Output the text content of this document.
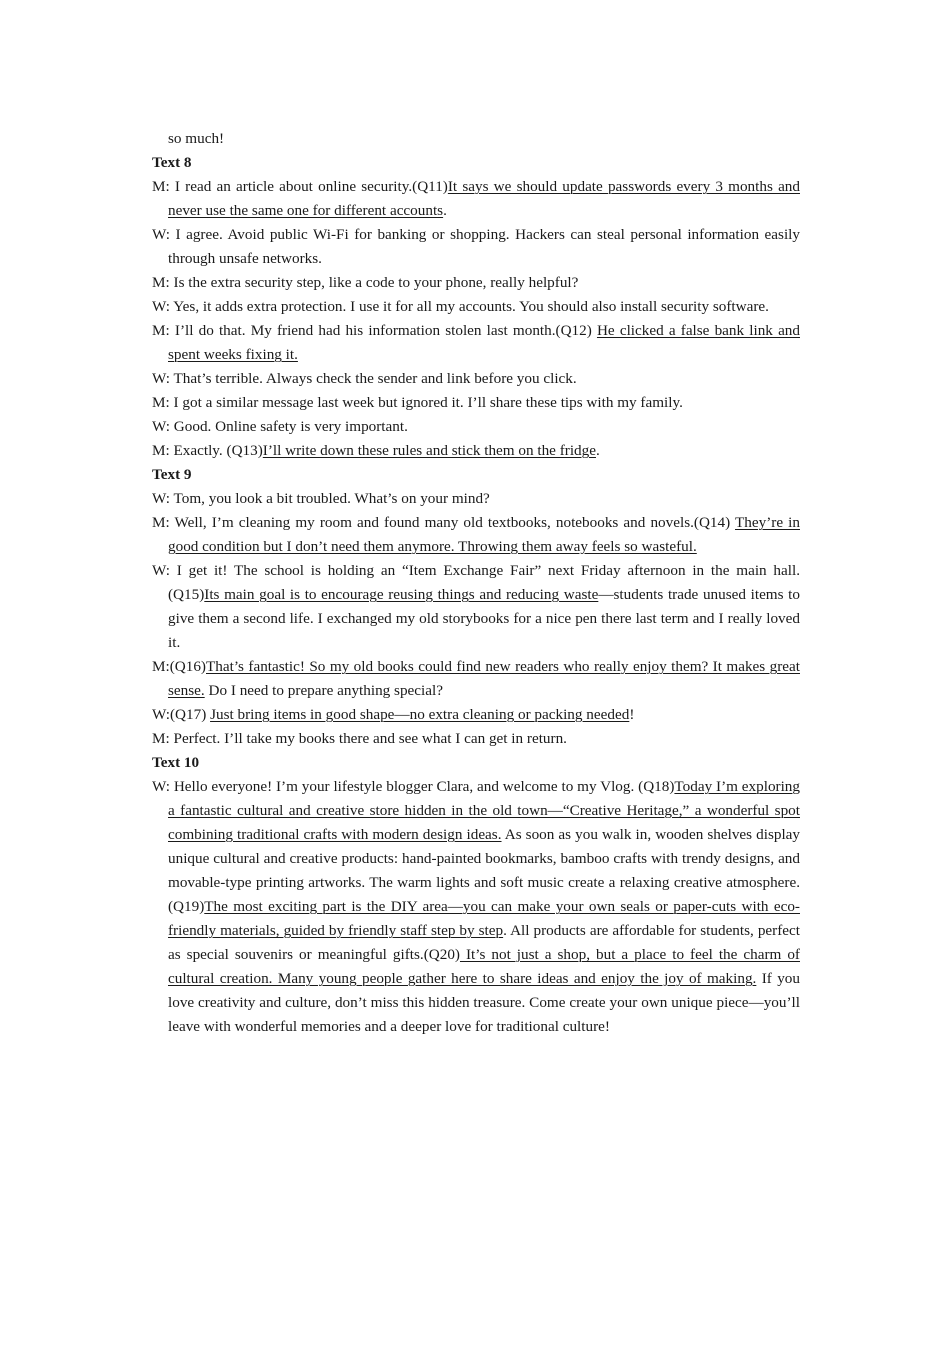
so much!
Text 8
M: I read an article about online security.(Q11)It says we should update passwords every 3 months and never use the same one for different accounts.
W: I agree. Avoid public Wi-Fi for banking or shopping. Hackers can steal personal information easily through unsafe networks.
M: Is the extra security step, like a code to your phone, really helpful?
W: Yes, it adds extra protection. I use it for all my accounts. You should also install security software.
M: I’ll do that. My friend had his information stolen last month.(Q12) He clicked a false bank link and spent weeks fixing it.
W: That’s terrible. Always check the sender and link before you click.
M: I got a similar message last week but ignored it. I’ll share these tips with my family.
W: Good. Online safety is very important.
M: Exactly. (Q13)I’ll write down these rules and stick them on the fridge.
Text 9
W: Tom, you look a bit troubled. What’s on your mind?
M: Well, I’m cleaning my room and found many old textbooks, notebooks and novels.(Q14) They’re in good condition but I don’t need them anymore. Throwing them away feels so wasteful.
W: I get it! The school is holding an “Item Exchange Fair” next Friday afternoon in the main hall. (Q15)Its main goal is to encourage reusing things and reducing waste—students trade unused items to give them a second life. I exchanged my old storybooks for a nice pen there last term and I really loved it.
M:(Q16)That’s fantastic! So my old books could find new readers who really enjoy them? It makes great sense. Do I need to prepare anything special?
W:(Q17) Just bring items in good shape—no extra cleaning or packing needed!
M: Perfect. I’ll take my books there and see what I can get in return.
Text 10
W: Hello everyone! I’m your lifestyle blogger Clara, and welcome to my Vlog. (Q18)Today I’m exploring a fantastic cultural and creative store hidden in the old town—“Creative Heritage,” a wonderful spot combining traditional crafts with modern design ideas. As soon as you walk in, wooden shelves display unique cultural and creative products: hand-painted bookmarks, bamboo crafts with trendy designs, and movable-type printing artworks. The warm lights and soft music create a relaxing creative atmosphere.(Q19)The most exciting part is the DIY area—you can make your own seals or paper-cuts with eco-friendly materials, guided by friendly staff step by step. All products are affordable for students, perfect as special souvenirs or meaningful gifts.(Q20) It’s not just a shop, but a place to feel the charm of cultural creation. Many young people gather here to share ideas and enjoy the joy of making. If you love creativity and culture, don’t miss this hidden treasure. Come create your own unique piece—you’ll leave with wonderful memories and a deeper love for traditional culture!
